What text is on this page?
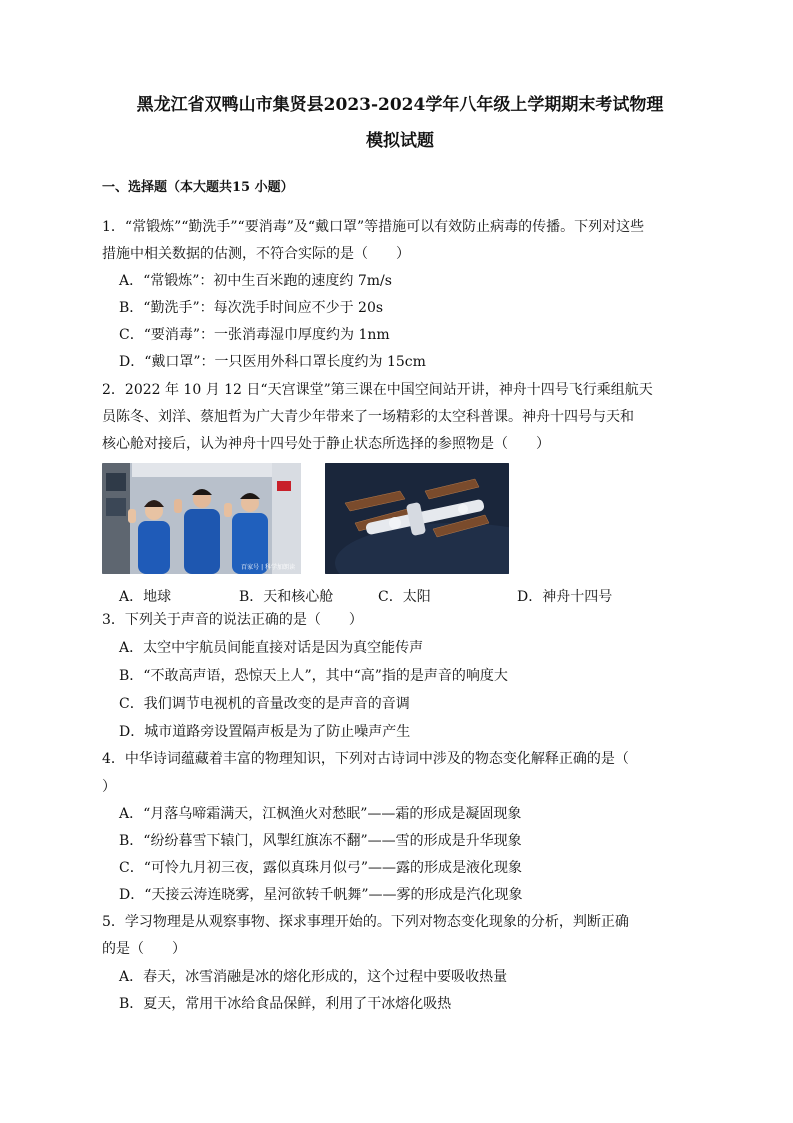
黑龙江省双鸭山市集贤县2023-2024学年八年级上学期期末考试物理
模拟试题
一、选择题（本大题共15 小题）
1．“常锻炼”“勤洗手”“要消毒”及“戴口罩”等措施可以有效防止病毒的传播。下列对这些
措施中相关数据的估测，不符合实际的是（　　）
A．“常锻炼”：初中生百米跑的速度约 7m/s
B．“勤洗手”：每次洗手时间应不少于 20s
C．“要消毒”：一张消毒湿巾厚度约为 1nm
D．“戴口罩”：一只医用外科口罩长度约为 15cm
2．2022 年 10 月 12 日“天宫课堂”第三课在中国空间站开讲，神舟十四号飞行乘组航天
员陈冬、刘洋、蔡旭哲为广大青少年带来了一场精彩的太空科普课。神舟十四号与天和
核心舱对接后，认为神舟十四号处于静止状态所选择的参照物是（　　）
百家号 | 科学加朗读
A．地球	B．天和核心舱	C．太阳	D．神舟十四号
3．下列关于声音的说法正确的是（　　）
A．太空中宇航员间能直接对话是因为真空能传声
B．“不敢高声语，恐惊天上人”，其中“高”指的是声音的响度大
C．我们调节电视机的音量改变的是声音的音调
D．城市道路旁设置隔声板是为了防止噪声产生
4．中华诗词蕴藏着丰富的物理知识，下列对古诗词中涉及的物态变化解释正确的是（
）
A．“月落乌啼霜满天，江枫渔火对愁眠”——霜的形成是凝固现象
B．“纷纷暮雪下辕门，风掣红旗冻不翻”——雪的形成是升华现象
C．“可怜九月初三夜，露似真珠月似弓”——露的形成是液化现象
D．“天接云涛连晓雾，星河欲转千帆舞”——雾的形成是汽化现象
5．学习物理是从观察事物、探求事理开始的。下列对物态变化现象的分析，判断正确
的是（　　）
A．春天，冰雪消融是冰的熔化形成的，这个过程中要吸收热量
B．夏天，常用干冰给食品保鲜，利用了干冰熔化吸热
